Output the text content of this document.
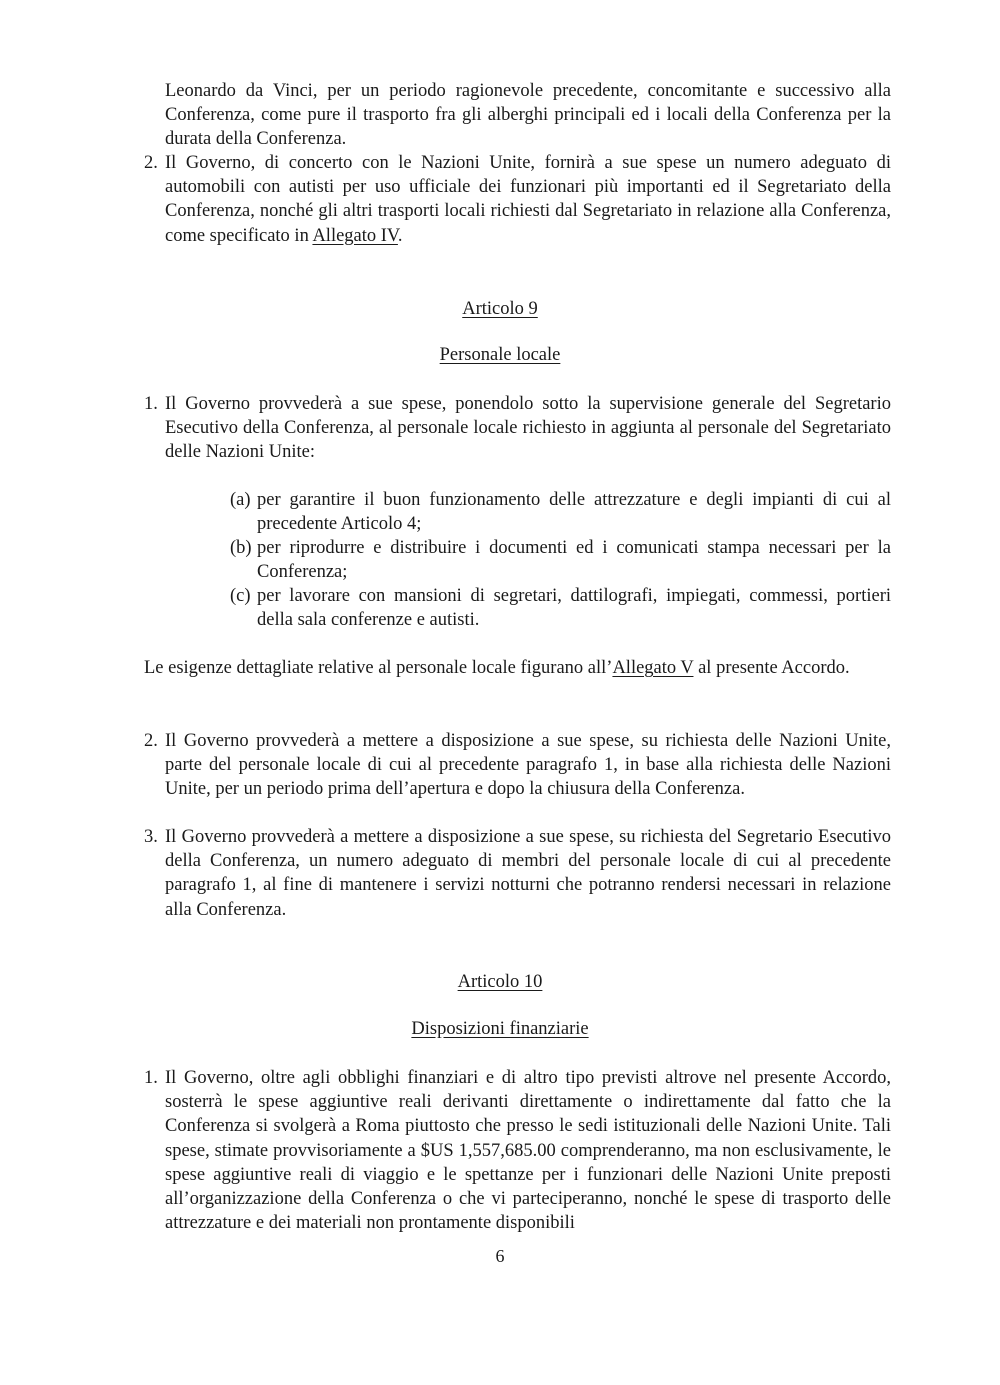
Leonardo da Vinci, per un periodo ragionevole precedente, concomitante e successivo alla Conferenza, come pure il trasporto fra gli alberghi principali ed i locali della Conferenza per la durata della Conferenza.

2. Il Governo, di concerto con le Nazioni Unite, fornirà a sue spese un numero adeguato di automobili con autisti per uso ufficiale dei funzionari più importanti ed il Segretariato della Conferenza, nonché gli altri trasporti locali richiesti dal Segretariato in relazione alla Conferenza, come specificato in Allegato IV.

Articolo 9
Personale locale
1. Il Governo provvederà a sue spese, ponendolo sotto la supervisione generale del Segretario Esecutivo della Conferenza, al personale locale richiesto in aggiunta al personale del Segretariato delle Nazioni Unite:

(a) per garantire il buon funzionamento delle attrezzature e degli impianti di cui al precedente Articolo 4;

(b) per riprodurre e distribuire i documenti ed i comunicati stampa necessari per la Conferenza;

(c) per lavorare con mansioni di segretari, dattilografi, impiegati, commessi, portieri della sala conferenze e autisti.

Le esigenze dettagliate relative al personale locale figurano all’Allegato V al presente Accordo.

2. Il Governo provvederà a mettere a disposizione a sue spese, su richiesta delle Nazioni Unite, parte del personale locale di cui al precedente paragrafo 1, in base alla richiesta delle Nazioni Unite, per un periodo prima dell’apertura e dopo la chiusura della Conferenza.

3. Il Governo provvederà a mettere a disposizione a sue spese, su richiesta del Segretario Esecutivo della Conferenza, un numero adeguato di membri del personale locale di cui al precedente paragrafo 1, al fine di mantenere i servizi notturni che potranno rendersi necessari in relazione alla Conferenza.

Articolo 10
Disposizioni finanziarie
1. Il Governo, oltre agli obblighi finanziari e di altro tipo previsti altrove nel presente Accordo, sosterrà le spese aggiuntive reali derivanti direttamente o indirettamente dal fatto che la Conferenza si svolgerà a Roma piuttosto che presso le sedi istituzionali delle Nazioni Unite. Tali spese, stimate provvisoriamente a $US 1,557,685.00 comprenderanno, ma non esclusivamente, le spese aggiuntive reali di viaggio e le spettanze per i funzionari delle Nazioni Unite preposti all’organizzazione della Conferenza o che vi parteciperanno, nonché le spese di trasporto delle attrezzature e dei materiali non prontamente disponibili

6
